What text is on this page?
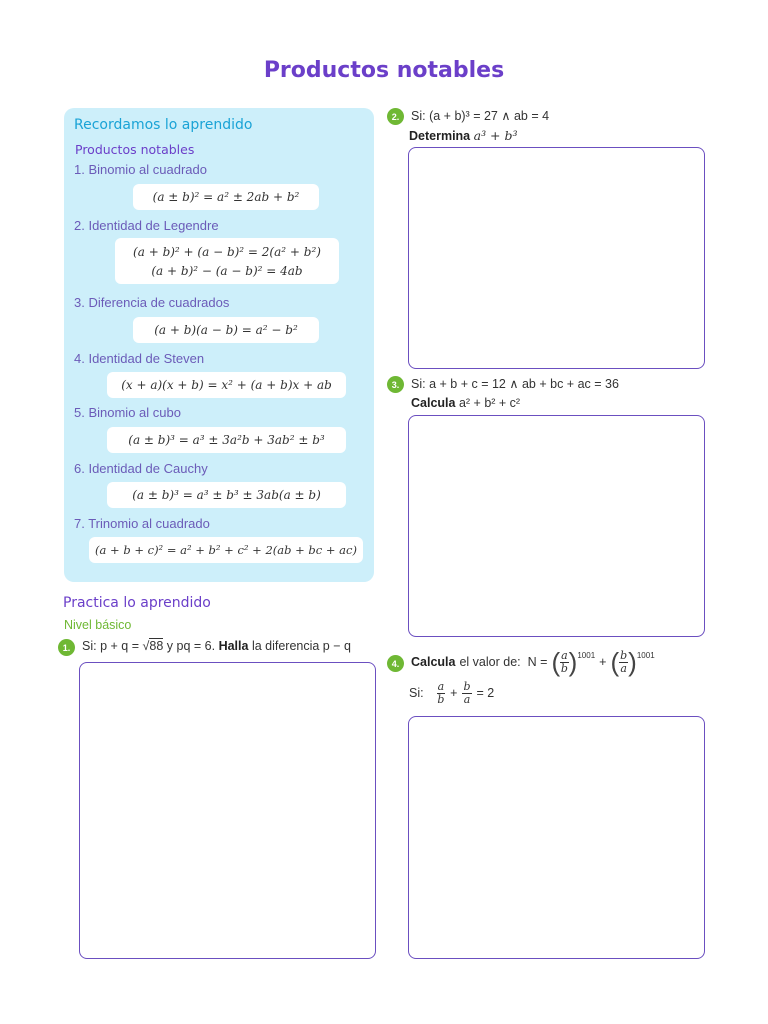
Productos notables
Recordamos lo aprendido
Productos notables
1. Binomio al cuadrado
(a ± b)² = a² ± 2ab + b²
2. Identidad de Legendre
(a + b)² + (a − b)² = 2(a² + b²)
(a + b)² − (a − b)² = 4ab
3. Diferencia de cuadrados
(a + b)(a − b) = a² − b²
4. Identidad de Steven
(x + a)(x + b) = x² + (a + b)x + ab
5. Binomio al cubo
(a ± b)³ = a³ ± 3a²b + 3ab² ± b³
6. Identidad de Cauchy
(a ± b)³ = a³ ± b³ ± 3ab(a ± b)
7. Trinomio al cuadrado
(a + b + c)² = a² + b² + c² + 2(ab + bc + ac)
Practica lo aprendido
Nivel básico
1. Si: p + q = √88 y pq = 6. Halla la diferencia p − q
2. Si: (a + b)³ = 27 ∧ ab = 4
Determina a³ + b³
3. Si: a + b + c = 12 ∧ ab + bc + ac = 36
Calcula a² + b² + c²
4. Calcula el valor de: N = ( $\frac{a}{b} )^{1001}$ + ( $\frac{b}{a} )^{1001}$
Si: $\frac{a}{b} + \frac{b}{a} = 2$
